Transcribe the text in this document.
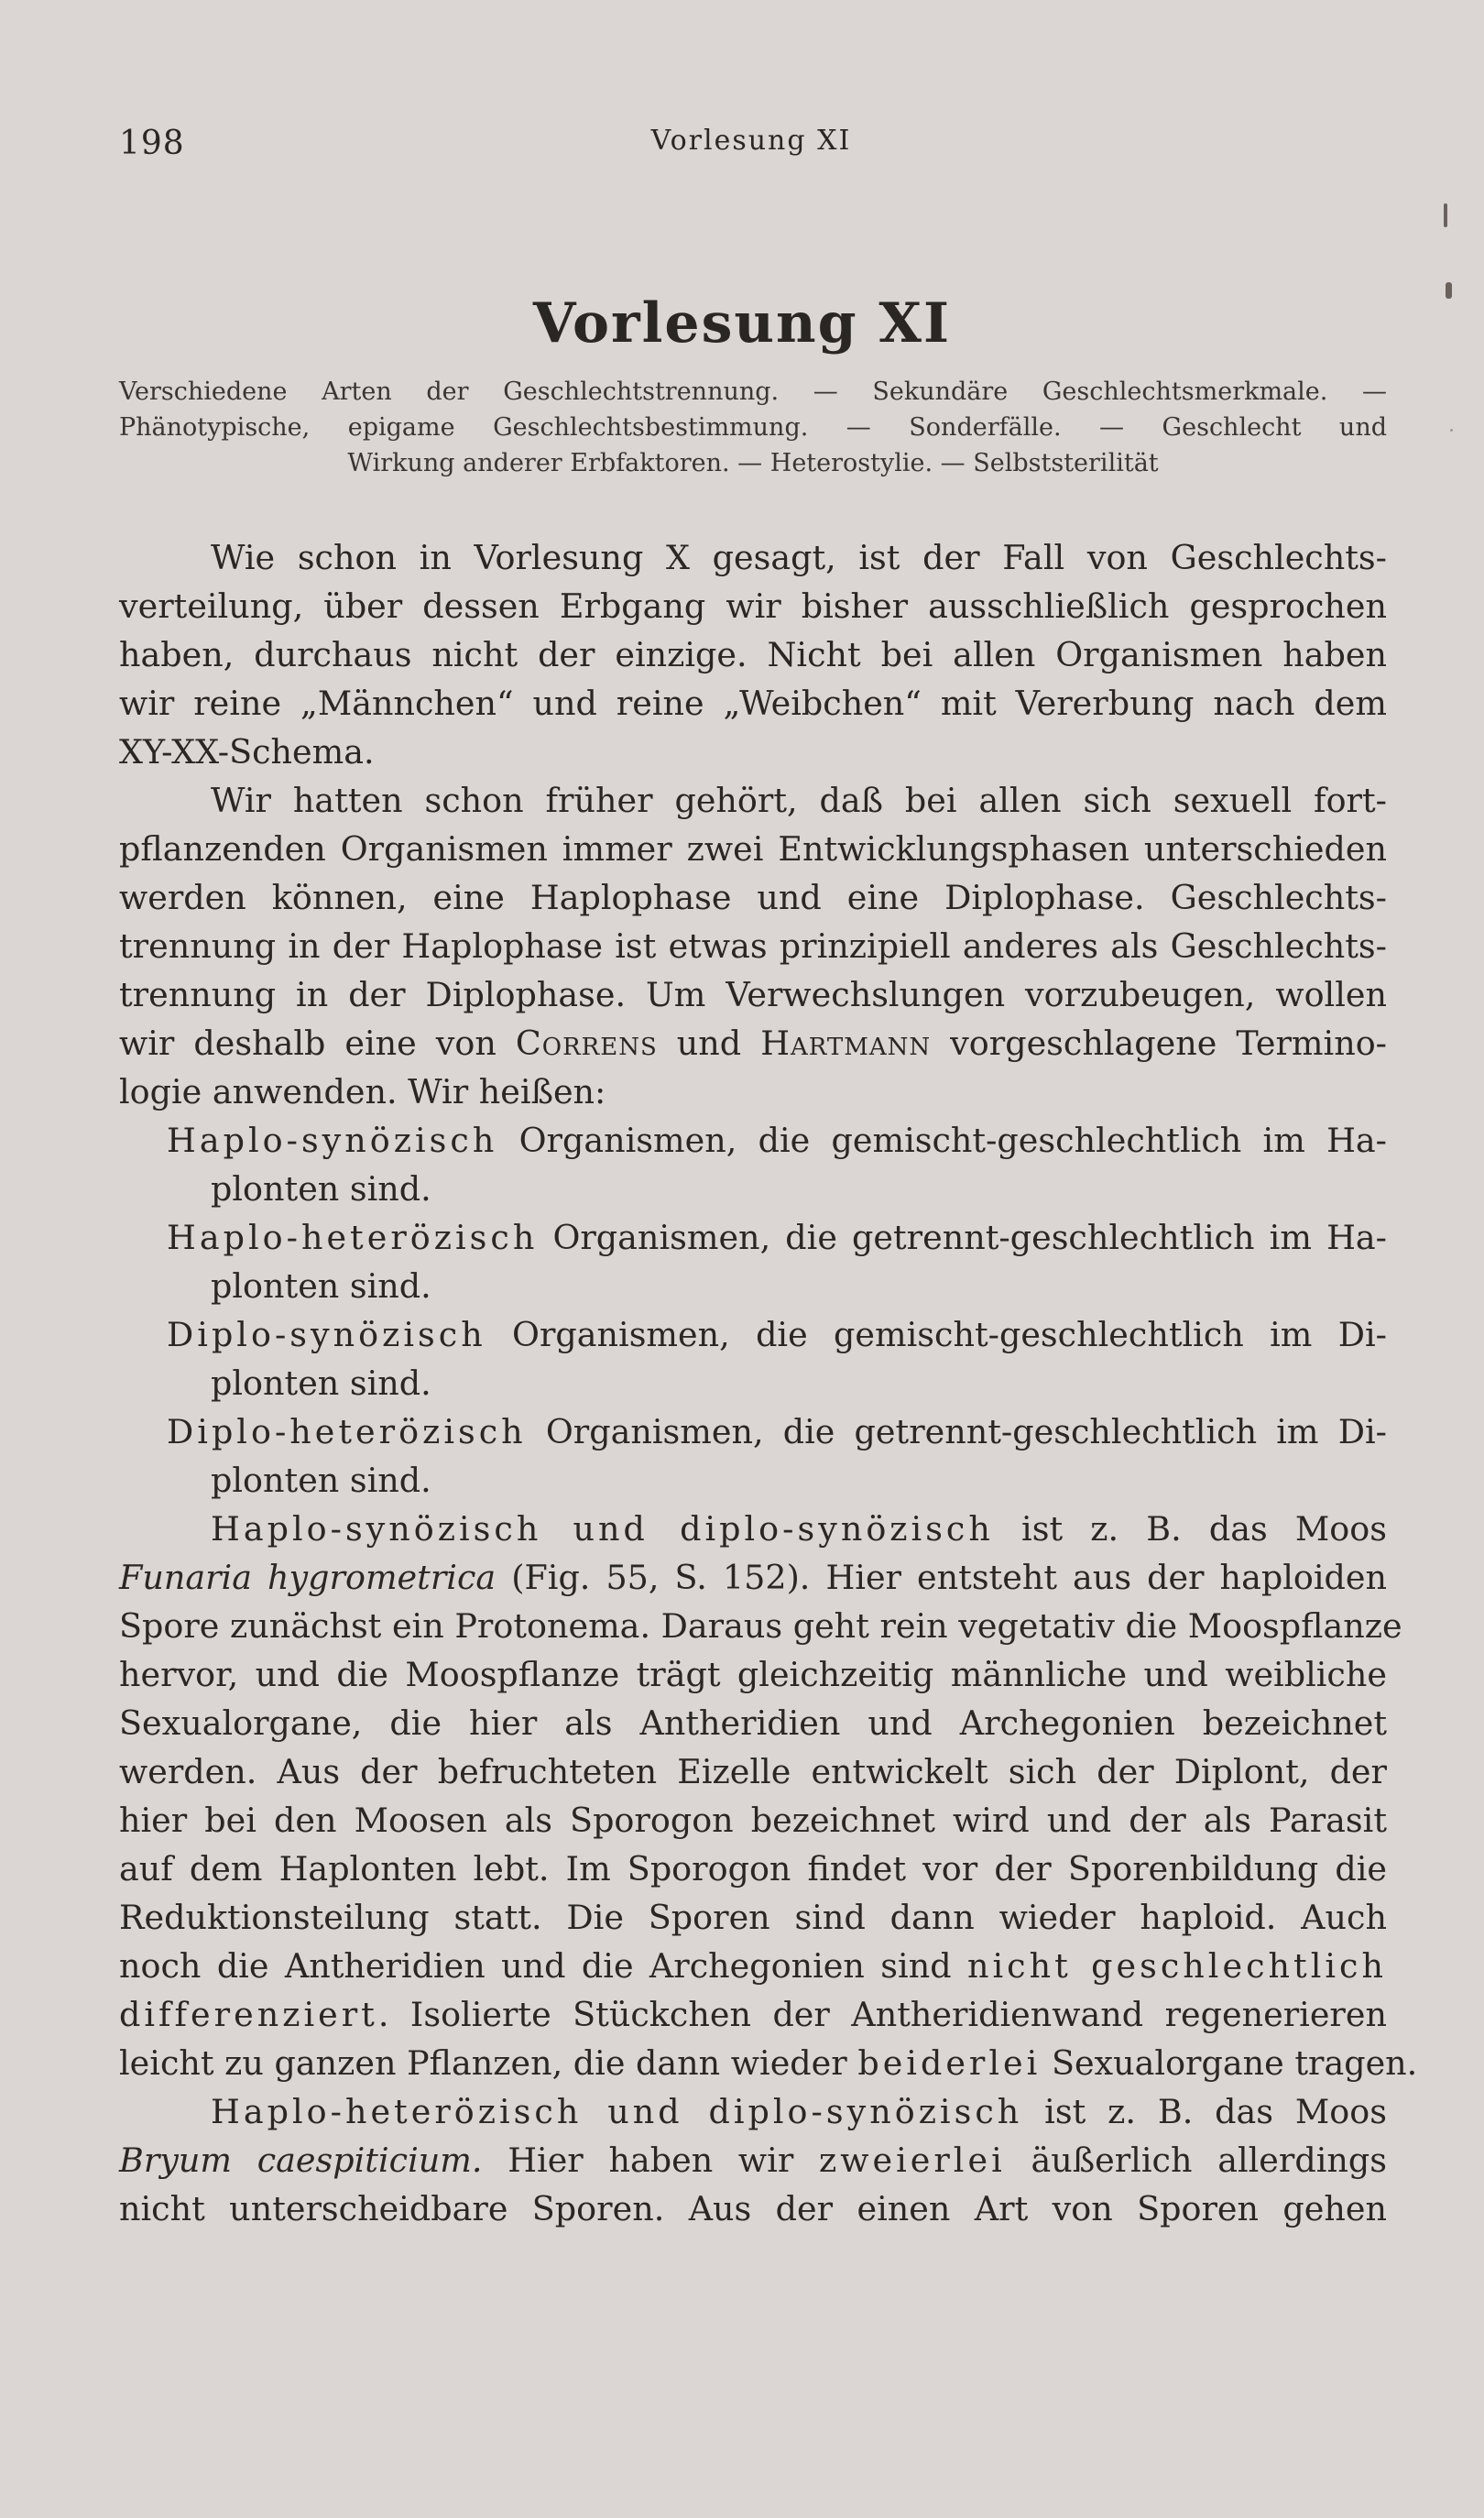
198	Vorlesung XI
Vorlesung XI
Verschiedene Arten der Geschlechtstrennung. — Sekundäre Geschlechtsmerkmale. —
Phänotypische, epigame Geschlechtsbestimmung. — Sonderfälle. — Geschlecht und
Wirkung anderer Erbfaktoren. — Heterostylie. — Selbststerilität
Wie schon in Vorlesung X gesagt, ist der Fall von Geschlechts-
verteilung, über dessen Erbgang wir bisher ausschließlich gesprochen
haben, durchaus nicht der einzige. Nicht bei allen Organismen haben
wir reine „Männchen“ und reine „Weibchen“ mit Vererbung nach dem
XY-XX-Schema.
Wir hatten schon früher gehört, daß bei allen sich sexuell fort-
pflanzenden Organismen immer zwei Entwicklungsphasen unterschieden
werden können, eine Haplophase und eine Diplophase. Geschlechts-
trennung in der Haplophase ist etwas prinzipiell anderes als Geschlechts-
trennung in der Diplophase. Um Verwechslungen vorzubeugen, wollen
wir deshalb eine von Correns und Hartmann vorgeschlagene Termino-
logie anwenden. Wir heißen:
Haplo-synözisch Organismen, die gemischt-geschlechtlich im Ha-
plonten sind.
Haplo-heterözisch Organismen, die getrennt-geschlechtlich im Ha-
plonten sind.
Diplo-synözisch Organismen, die gemischt-geschlechtlich im Di-
plonten sind.
Diplo-heterözisch Organismen, die getrennt-geschlechtlich im Di-
plonten sind.
Haplo-synözisch und diplo-synözisch ist z. B. das Moos
Funaria hygrometrica (Fig. 55, S. 152). Hier entsteht aus der haploiden
Spore zunächst ein Protonema. Daraus geht rein vegetativ die Moospflanze
hervor, und die Moospflanze trägt gleichzeitig männliche und weibliche
Sexualorgane, die hier als Antheridien und Archegonien bezeichnet
werden. Aus der befruchteten Eizelle entwickelt sich der Diplont, der
hier bei den Moosen als Sporogon bezeichnet wird und der als Parasit
auf dem Haplonten lebt. Im Sporogon findet vor der Sporenbildung die
Reduktionsteilung statt. Die Sporen sind dann wieder haploid. Auch
noch die Antheridien und die Archegonien sind nicht geschlechtlich
differenziert. Isolierte Stückchen der Antheridienwand regenerieren
leicht zu ganzen Pflanzen, die dann wieder beiderlei Sexualorgane tragen.
Haplo-heterözisch und diplo-synözisch ist z. B. das Moos
Bryum caespiticium. Hier haben wir zweierlei äußerlich allerdings
nicht unterscheidbare Sporen. Aus der einen Art von Sporen gehen
